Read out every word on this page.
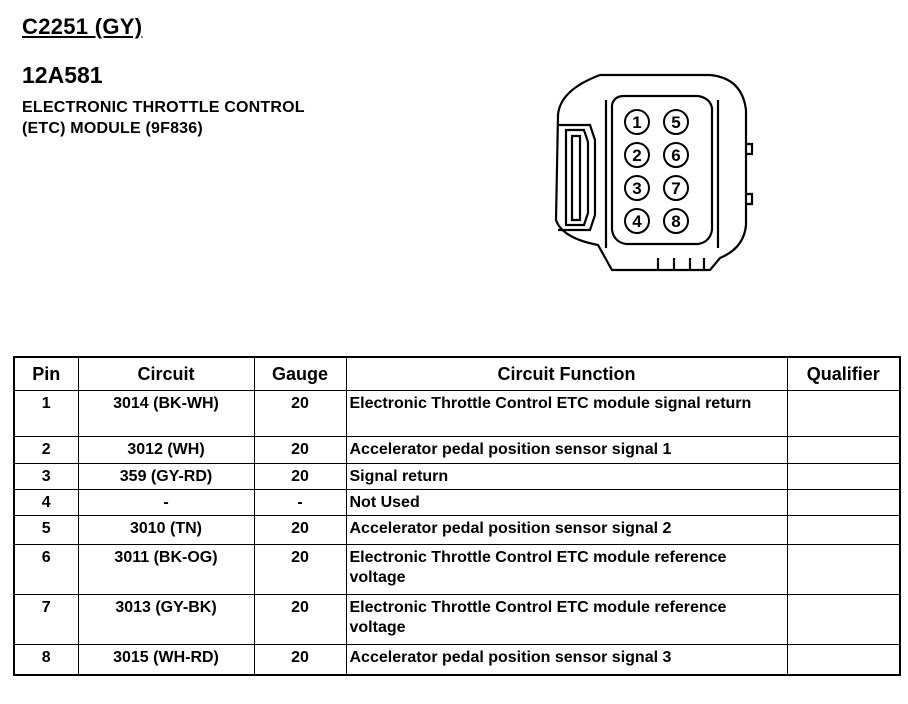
C2251 (GY)
12A581
ELECTRONIC THROTTLE CONTROL
(ETC) MODULE (9F836)	1
2
3
4
5
6
7
8
Pin	Circuit	Gauge	Circuit Function	Qualifier
1	3014 (BK-WH)	20	Electronic Throttle Control ETC module signal return	
2	3012 (WH)	20	Accelerator pedal position sensor signal 1	
3	359 (GY-RD)	20	Signal return	
4	-	-	Not Used	
5	3010 (TN)	20	Accelerator pedal position sensor signal 2	
6	3011 (BK-OG)	20	Electronic Throttle Control ETC module reference voltage	
7	3013 (GY-BK)	20	Electronic Throttle Control ETC module reference voltage	
8	3015 (WH-RD)	20	Accelerator pedal position sensor signal 3	
